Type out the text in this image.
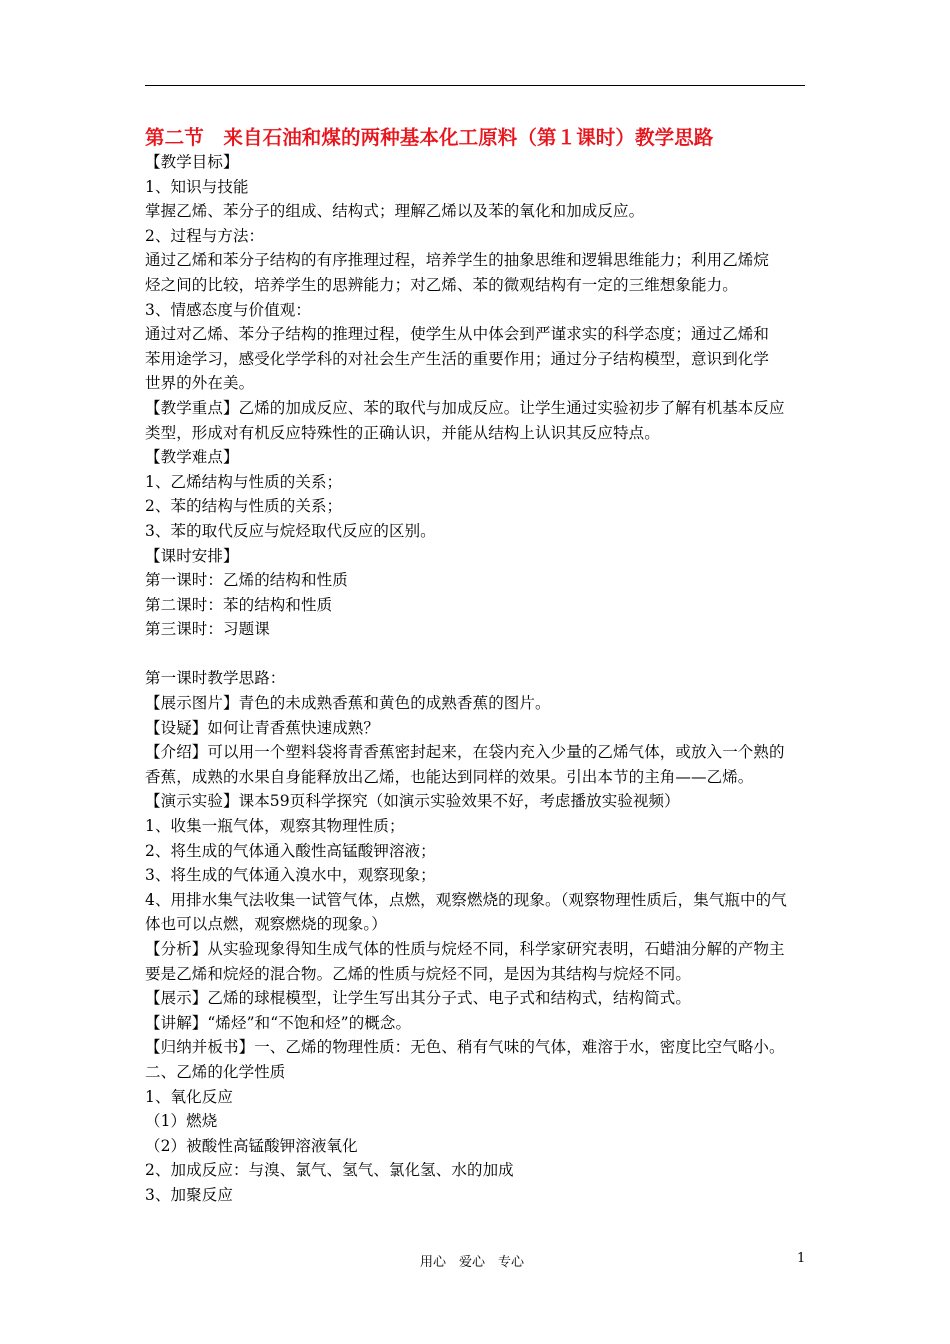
第二节　来自石油和煤的两种基本化工原料（第１课时）教学思路
【教学目标】
1、知识与技能
掌握乙烯、苯分子的组成、结构式；理解乙烯以及苯的氧化和加成反应。
2、过程与方法：
通过乙烯和苯分子结构的有序推理过程，培养学生的抽象思维和逻辑思维能力；利用乙烯烷
烃之间的比较，培养学生的思辨能力；对乙烯、苯的微观结构有一定的三维想象能力。
3、情感态度与价值观：
通过对乙烯、苯分子结构的推理过程，使学生从中体会到严谨求实的科学态度；通过乙烯和
苯用途学习，感受化学学科的对社会生产生活的重要作用；通过分子结构模型，意识到化学
世界的外在美。
【教学重点】乙烯的加成反应、苯的取代与加成反应。让学生通过实验初步了解有机基本反应
类型，形成对有机反应特殊性的正确认识，并能从结构上认识其反应特点。
【教学难点】
1、乙烯结构与性质的关系；
2、苯的结构与性质的关系；
3、苯的取代反应与烷烃取代反应的区别。
【课时安排】
第一课时：乙烯的结构和性质
第二课时：苯的结构和性质
第三课时：习题课
第一课时教学思路：
【展示图片】青色的未成熟香蕉和黄色的成熟香蕉的图片。
【设疑】如何让青香蕉快速成熟？
【介绍】可以用一个塑料袋将青香蕉密封起来，在袋内充入少量的乙烯气体，或放入一个熟的
香蕉，成熟的水果自身能释放出乙烯，也能达到同样的效果。引出本节的主角——乙烯。
【演示实验】课本59页科学探究（如演示实验效果不好，考虑播放实验视频）
1、收集一瓶气体，观察其物理性质；
2、将生成的气体通入酸性高锰酸钾溶液；
3、将生成的气体通入溴水中，观察现象；
4、用排水集气法收集一试管气体，点燃，观察燃烧的现象。（观察物理性质后，集气瓶中的气
体也可以点燃，观察燃烧的现象。）
【分析】从实验现象得知生成气体的性质与烷烃不同，科学家研究表明，石蜡油分解的产物主
要是乙烯和烷烃的混合物。乙烯的性质与烷烃不同，是因为其结构与烷烃不同。
【展示】乙烯的球棍模型，让学生写出其分子式、电子式和结构式，结构简式。
【讲解】“烯烃”和“不饱和烃”的概念。
【归纳并板书】一、乙烯的物理性质：无色、稍有气味的气体，难溶于水，密度比空气略小。
二、乙烯的化学性质
1、氧化反应
（1）燃烧
（2）被酸性高锰酸钾溶液氧化
2、加成反应：与溴、氯气、氢气、氯化氢、水的加成
3、加聚反应
用心　爱心　专心	1
